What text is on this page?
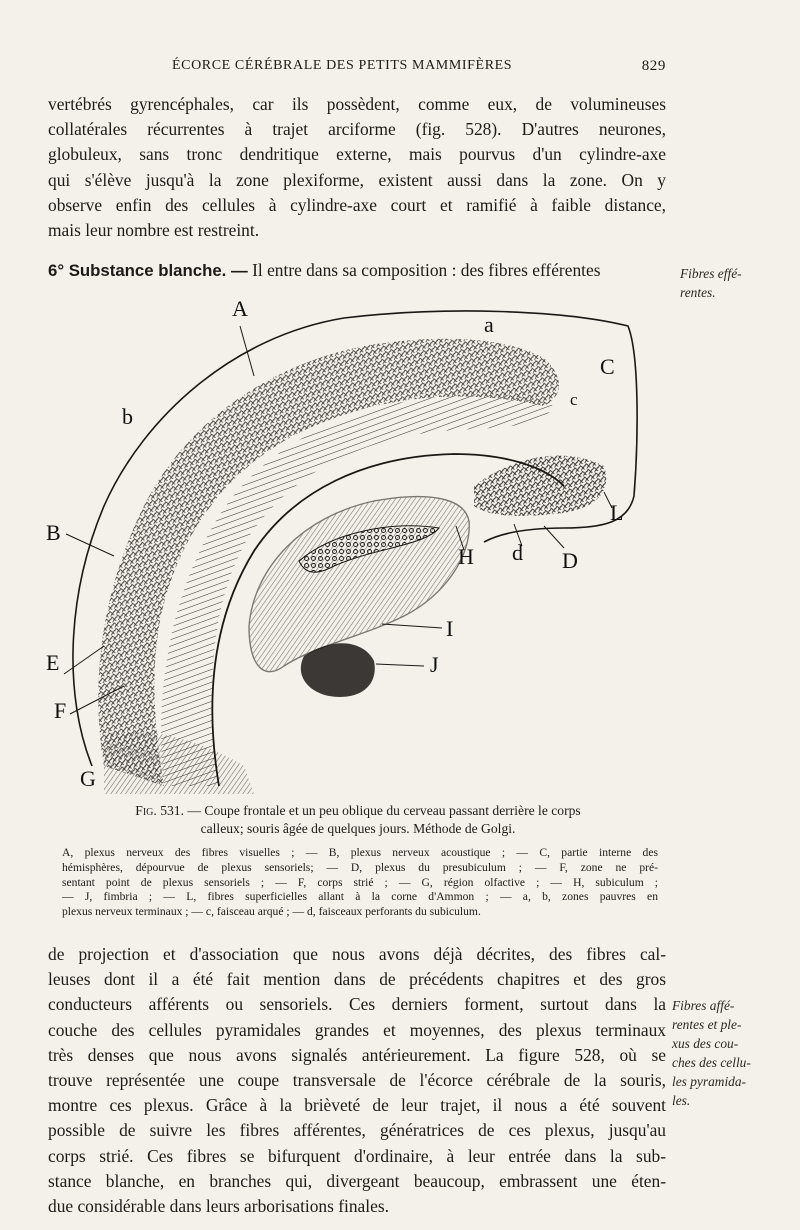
ÉCORCE CÉRÉBRALE DES PETITS MAMMIFÈRES	829

vertébrés gyrencéphales, car ils possèdent, comme eux, de volumineuses
collatérales récurrentes à trajet arciforme (fig. 528). D'autres neurones,
globuleux, sans tronc dendritique externe, mais pourvus d'un cylindre-axe
qui s'élève jusqu'à la zone plexiforme, existent aussi dans la zone. On y
observe enfin des cellules à cylindre-axe court et ramifié à faible distance,
mais leur nombre est restreint.

6° Substance blanche. — Il entre dans sa composition : des fibres efférentes	Fibres effé-
rentes.
A
a
C
c
b
B
L
H d D
I
J
E
F
G
Fig. 531. — Coupe frontale et un peu oblique du cerveau passant derrière le corps
calleux; souris âgée de quelques jours. Méthode de Golgi.
A, plexus nerveux des fibres visuelles ; — B, plexus nerveux acoustique ; — C, partie interne des
hémisphères, dépourvue de plexus sensoriels; — D, plexus du presubiculum ; — F, zone ne pré-
sentant point de plexus sensoriels ; — F, corps strié ; — G, région olfactive ; — H, subiculum ;
— J, fimbria ; — L, fibres superficielles allant à la corne d'Ammon ; — a, b, zones pauvres en
plexus nerveux terminaux ; — c, faisceau arqué ; — d, faisceaux perforants du subiculum.

de projection et d'association que nous avons déjà décrites, des fibres cal-
leuses dont il a été fait mention dans de précédents chapitres et des gros
conducteurs afférents ou sensoriels. Ces derniers forment, surtout dans la
couche des cellules pyramidales grandes et moyennes, des plexus terminaux
très denses que nous avons signalés antérieurement. La figure 528, où se
trouve représentée une coupe transversale de l'écorce cérébrale de la souris,
montre ces plexus. Grâce à la brièveté de leur trajet, il nous a été souvent
possible de suivre les fibres afférentes, génératrices de ces plexus, jusqu'au
corps strié. Ces fibres se bifurquent d'ordinaire, à leur entrée dans la sub-
stance blanche, en branches qui, divergeant beaucoup, embrassent une éten-
due considérable dans leurs arborisations finales.

Fibres affé-
rentes et ple-
xus des cou-
ches des cellu-
les pyramida-
les.
